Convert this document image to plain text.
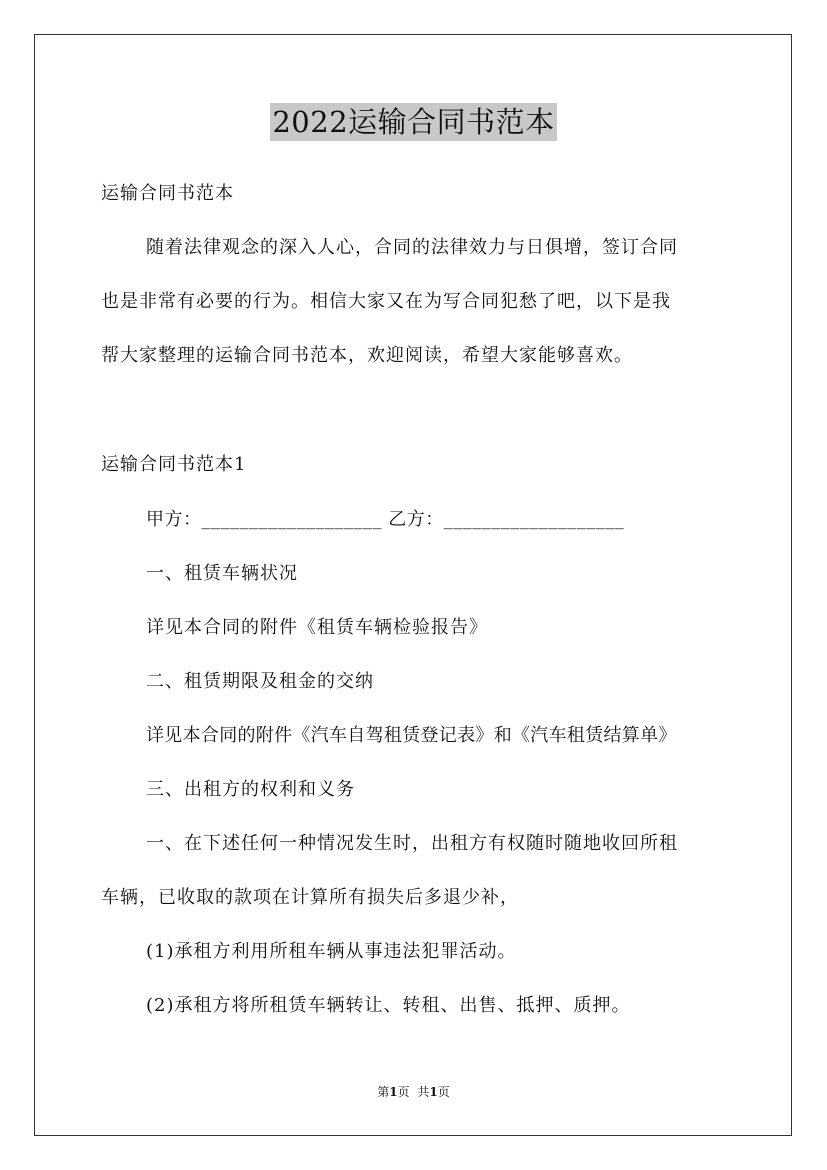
2022运输合同书范本
运输合同书范本
随着法律观念的深入人心，合同的法律效力与日俱增，签订合同
也是非常有必要的行为。相信大家又在为写合同犯愁了吧，以下是我
帮大家整理的运输合同书范本，欢迎阅读，希望大家能够喜欢。
运输合同书范本1
甲方：___________________ 乙方：___________________
一、租赁车辆状况
详见本合同的附件《租赁车辆检验报告》
二、租赁期限及租金的交纳
详见本合同的附件《汽车自驾租赁登记表》和《汽车租赁结算单》
三、出租方的权利和义务
一、在下述任何一种情况发生时，出租方有权随时随地收回所租
车辆，已收取的款项在计算所有损失后多退少补，
(1)承租方利用所租车辆从事违法犯罪活动。
(2)承租方将所租赁车辆转让、转租、出售、抵押、质押。
第1页 共1页
